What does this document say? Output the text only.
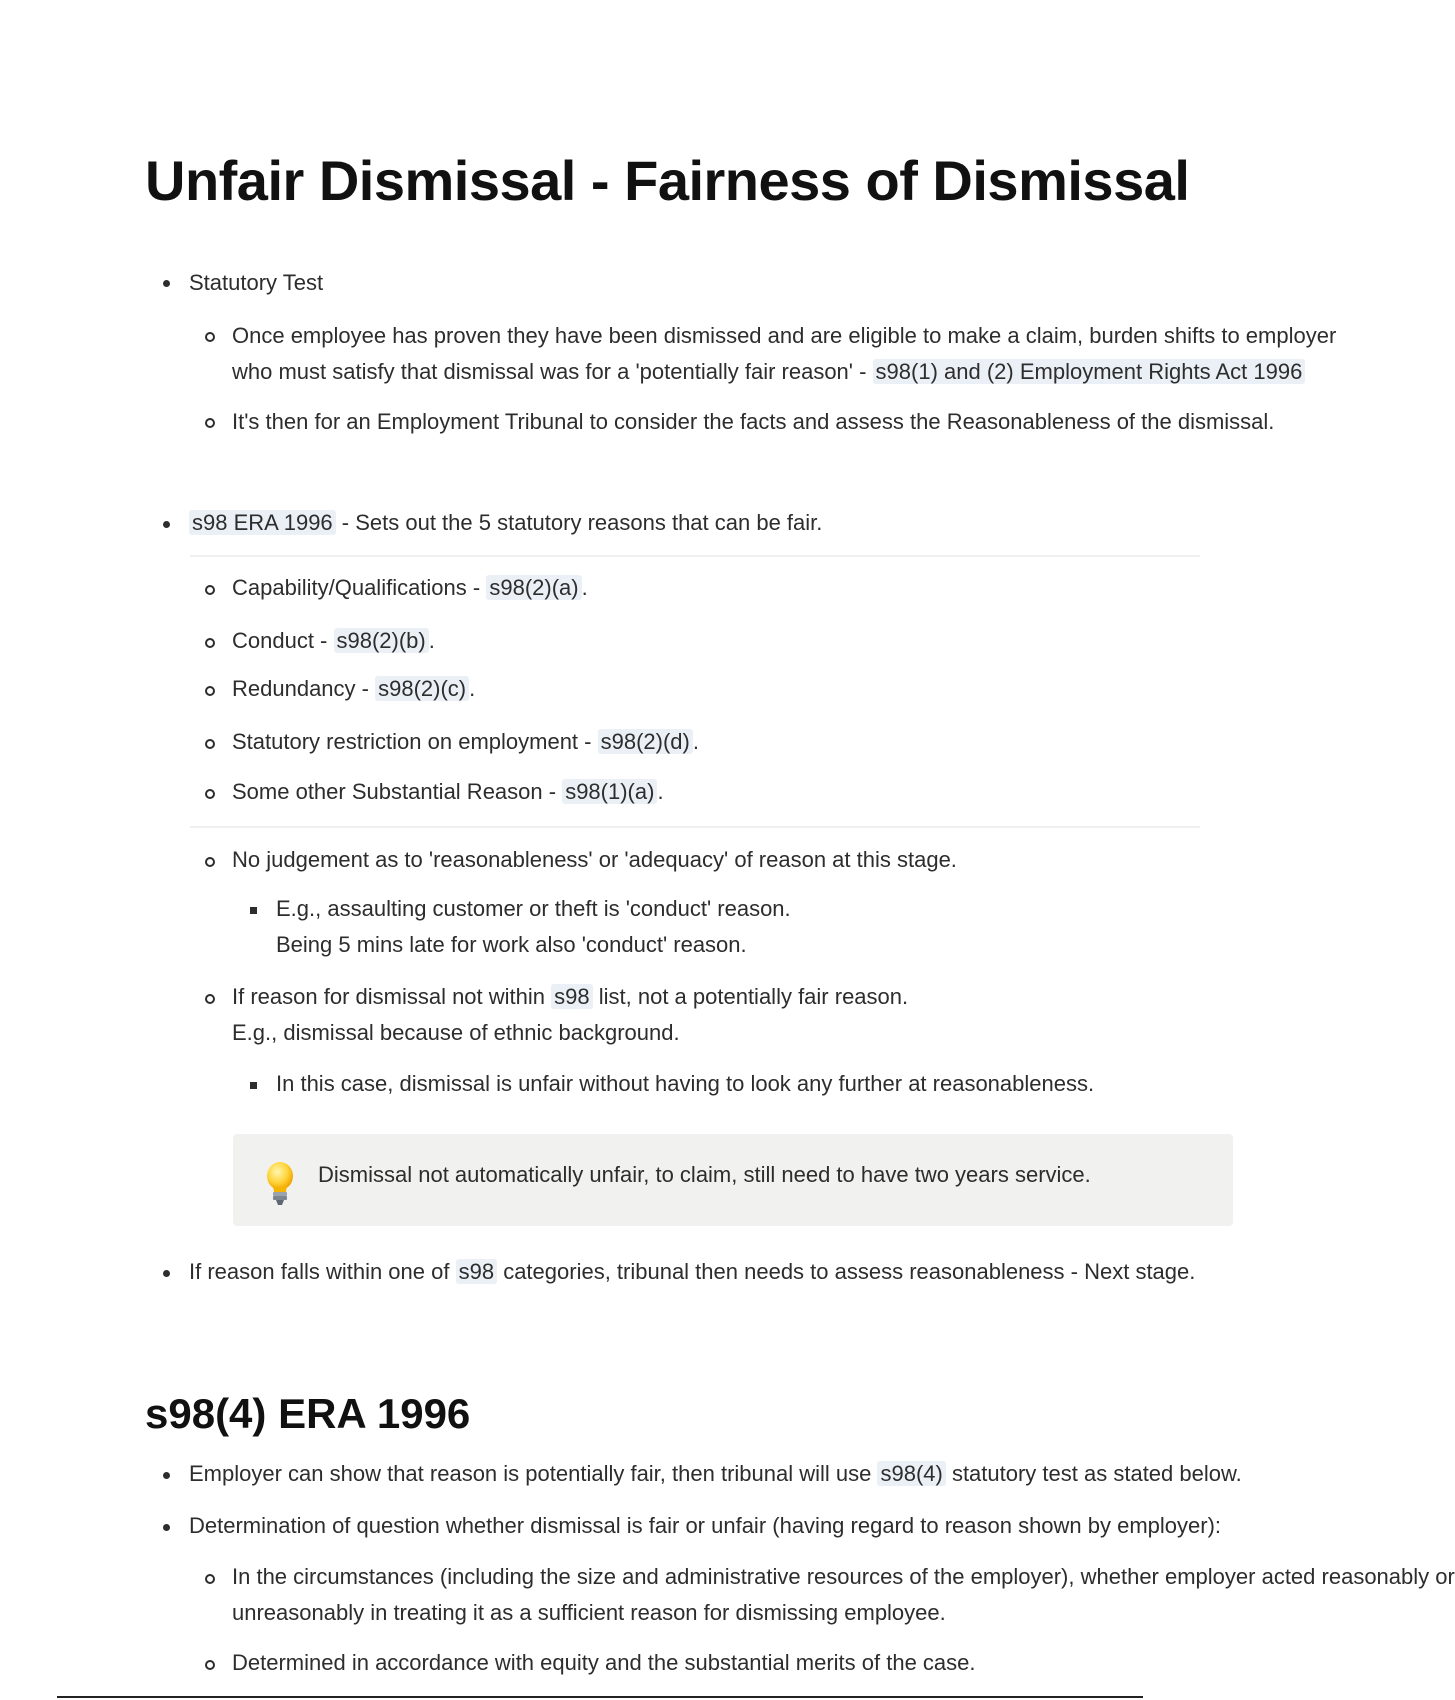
Unfair Dismissal - Fairness of Dismissal
Statutory Test
Once employee has proven they have been dismissed and are eligible to make a claim, burden shifts to employer
who must satisfy that dismissal was for a 'potentially fair reason' - s98(1) and (2) Employment Rights Act 1996
It's then for an Employment Tribunal to consider the facts and assess the Reasonableness of the dismissal.
s98 ERA 1996 - Sets out the 5 statutory reasons that can be fair.
Capability/Qualifications - s98(2)(a) .
Conduct - s98(2)(b) .
Redundancy - s98(2)(c) .
Statutory restriction on employment - s98(2)(d) .
Some other Substantial Reason - s98(1)(a) .
No judgement as to 'reasonableness' or 'adequacy' of reason at this stage.
E.g., assaulting customer or theft is 'conduct' reason.
Being 5 mins late for work also 'conduct' reason.
If reason for dismissal not within s98 list, not a potentially fair reason.
E.g., dismissal because of ethnic background.
In this case, dismissal is unfair without having to look any further at reasonableness.
Dismissal not automatically unfair, to claim, still need to have two years service.
If reason falls within one of s98 categories, tribunal then needs to assess reasonableness - Next stage.
s98(4) ERA 1996
Employer can show that reason is potentially fair, then tribunal will use s98(4) statutory test as stated below.
Determination of question whether dismissal is fair or unfair (having regard to reason shown by employer):
In the circumstances (including the size and administrative resources of the employer), whether employer acted reasonably or
unreasonably in treating it as a sufficient reason for dismissing employee.
Determined in accordance with equity and the substantial merits of the case.
